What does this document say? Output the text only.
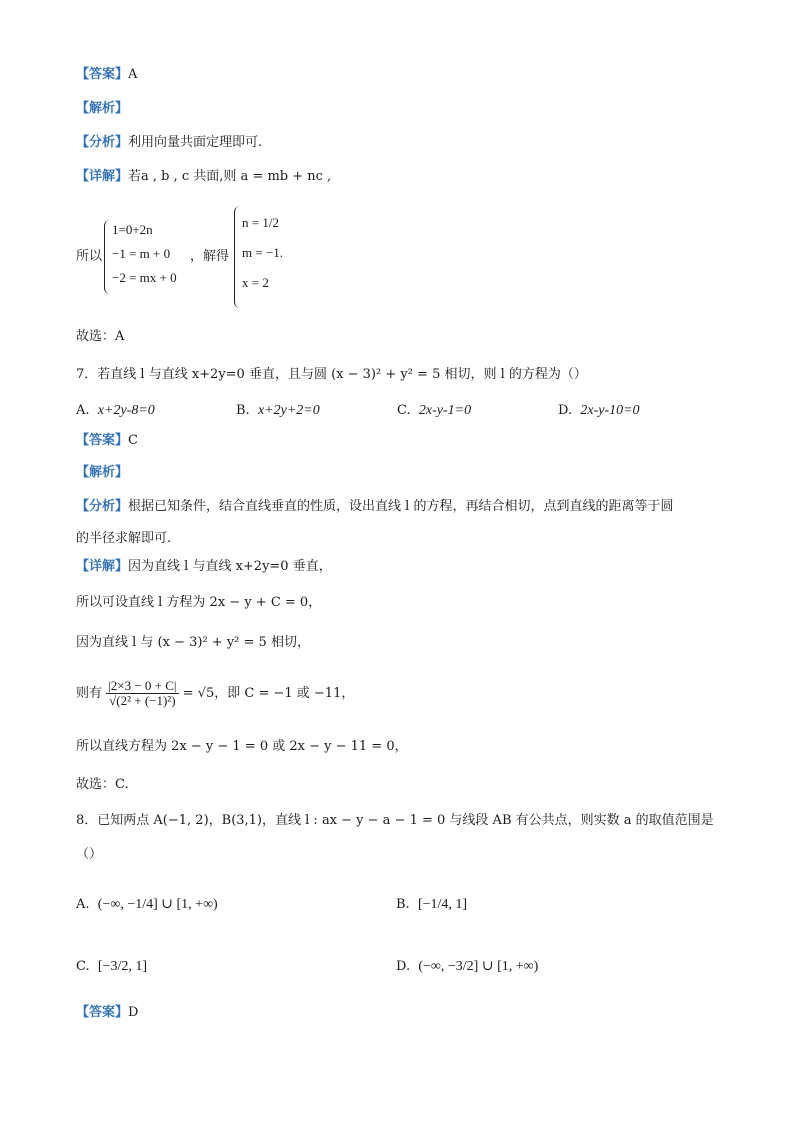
【答案】A
【解析】
【分析】利用向量共面定理即可.
【详解】若a , b , c 共面,则 a = mb + nc ,
所以
1=0+2n
−1 = m + 0
−2 = mx + 0
，解得
n = 1/2
m = −1.
x = 2
故选：A
7．若直线 l 与直线 x+2y=0 垂直，且与圆 (x − 3)² + y² = 5 相切，则 l 的方程为（）
A. x+2y-8=0	B. x+2y+2=0	C. 2x-y-1=0	D. 2x-y-10=0
【答案】C
【解析】
【分析】根据已知条件，结合直线垂直的性质，设出直线 l 的方程，再结合相切，点到直线的距离等于圆
的半径求解即可.
【详解】因为直线 l 与直线 x+2y=0 垂直，
所以可设直线 l 方程为 2x − y + C = 0，
因为直线 l 与 (x − 3)² + y² = 5 相切，
则有 $\frac{|2\times 3 - 0 + C|}{\text{√(2² + (−1)²)}} = √5$，即 C = −1 或 −11，
所以直线方程为 2x − y − 1 = 0 或 2x − y − 11 = 0，
故选：C.
8．已知两点 A(−1, 2)，B(3,1)，直线 l : ax − y − a − 1 = 0 与线段 AB 有公共点，则实数 a 的取值范围是
（）
A. (−∞, −1/4] ∪ [1, +∞)	B. [−1/4, 1]
C. [−3/2, 1]	D. (−∞, −3/2] ∪ [1, +∞)
【答案】D
